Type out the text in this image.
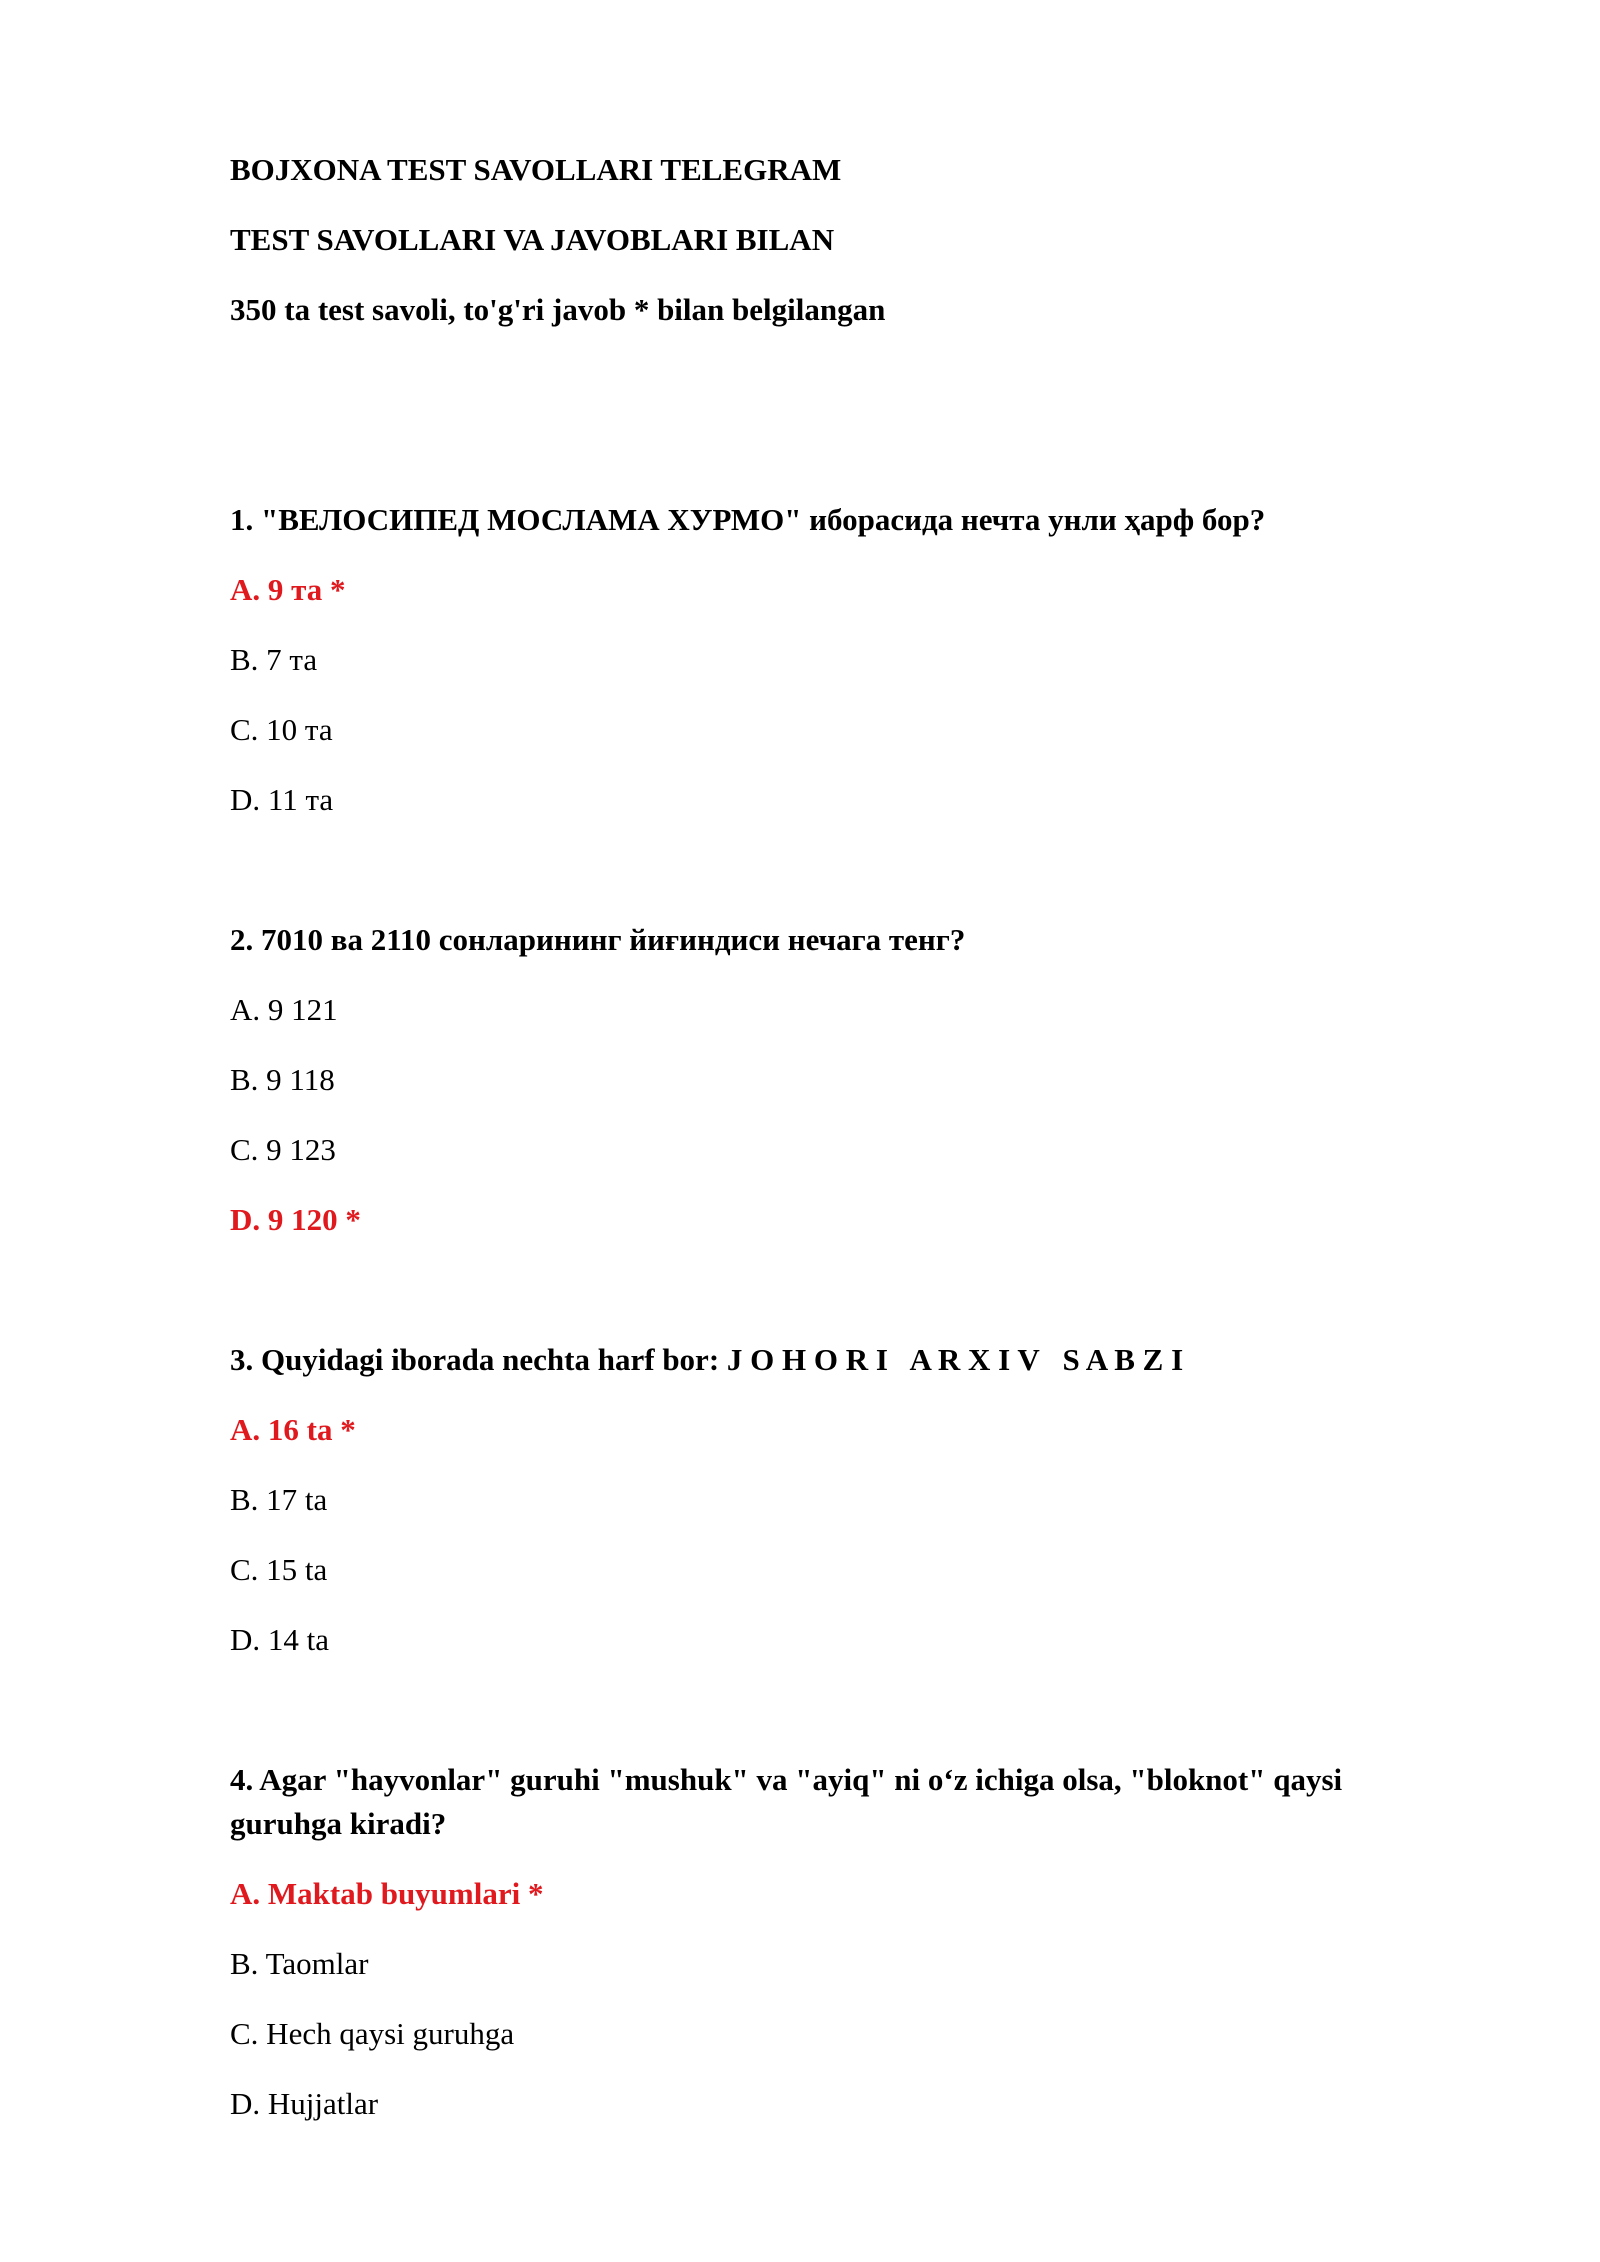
BOJXONA TEST SAVOLLARI TELEGRAM

TEST SAVOLLARI VA JAVOBLARI BILAN

350 ta test savoli, to'g'ri javob * bilan belgilangan

1. "ВЕЛОСИПЕД МОСЛАМА ХУРМО" иборасида нечта унли ҳарф бор?

A. 9 та *

B. 7 та

C. 10 та

D. 11 та

2. 7010 ва 2110 сонларининг йиғиндиси нечага тенг?

A. 9 121

B. 9 118

C. 9 123

D. 9 120 *

3. Quyidagi iborada nechta harf bor: J O H O R I   A R X I V   S A B Z I

A. 16 ta *

B. 17 ta

C. 15 ta

D. 14 ta

4. Agar "hayvonlar" guruhi "mushuk" va "ayiq" ni o‘z ichiga olsa, "bloknot" qaysi guruhga kiradi?

A. Maktab buyumlari *

B. Taomlar

C. Hech qaysi guruhga

D. Hujjatlar
